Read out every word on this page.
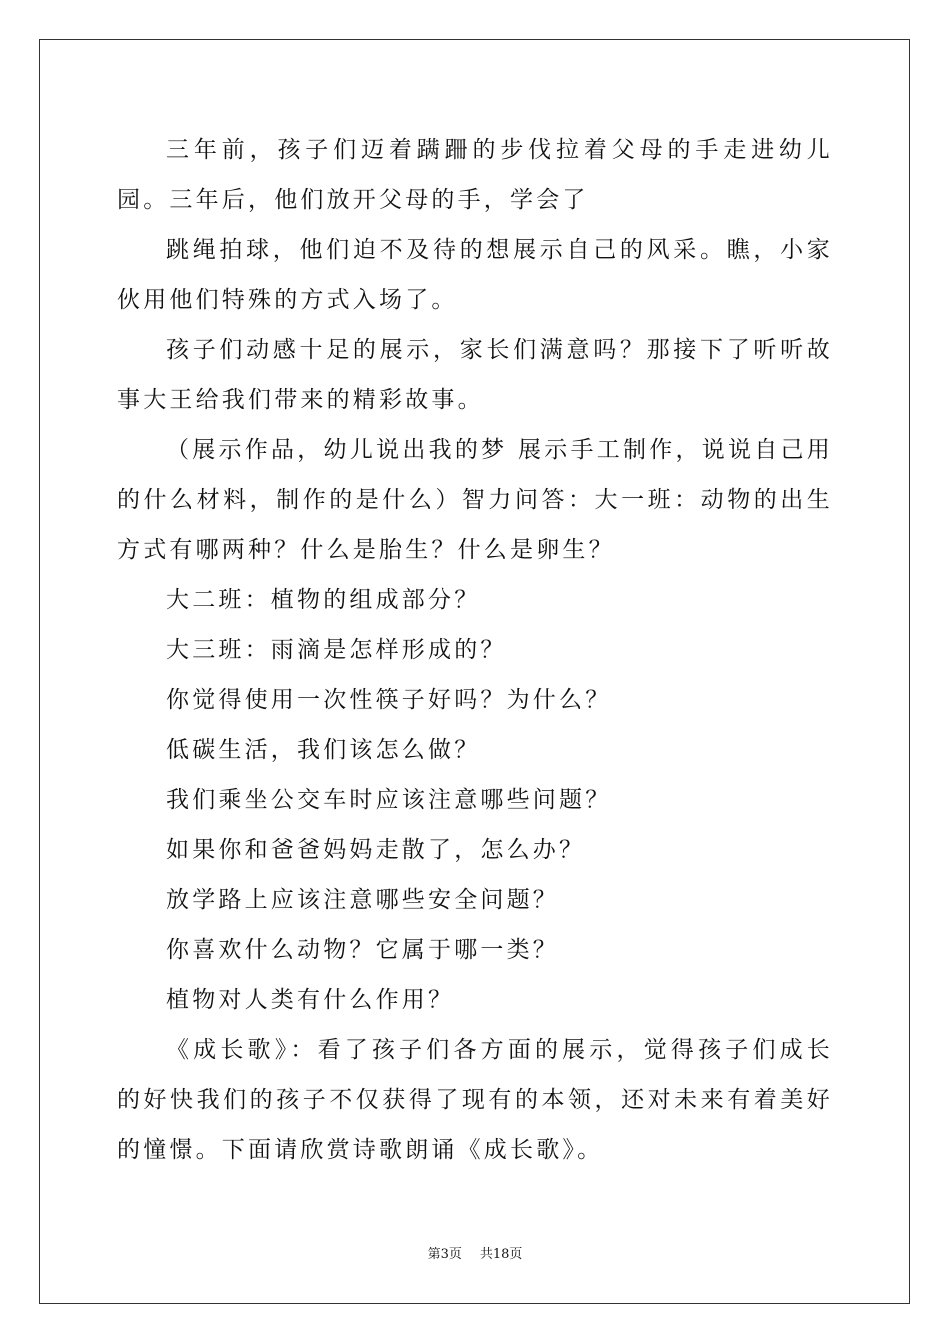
三年前，孩子们迈着蹒跚的步伐拉着父母的手走进幼儿园。三年后，他们放开父母的手，学会了

跳绳拍球，他们迫不及待的想展示自己的风采。瞧，小家伙用他们特殊的方式入场了。

孩子们动感十足的展示，家长们满意吗？那接下了听听故事大王给我们带来的精彩故事。

（展示作品，幼儿说出我的梦 展示手工制作，说说自己用的什么材料，制作的是什么）智力问答：大一班：动物的出生方式有哪两种？什么是胎生？什么是卵生？

大二班：植物的组成部分？

大三班：雨滴是怎样形成的？

你觉得使用一次性筷子好吗？为什么？

低碳生活，我们该怎么做？

我们乘坐公交车时应该注意哪些问题？

如果你和爸爸妈妈走散了，怎么办？

放学路上应该注意哪些安全问题？

你喜欢什么动物？它属于哪一类？

植物对人类有什么作用？

《成长歌》：看了孩子们各方面的展示，觉得孩子们成长的好快我们的孩子不仅获得了现有的本领，还对未来有着美好的憧憬。下面请欣赏诗歌朗诵《成长歌》。

第3页 共18页
